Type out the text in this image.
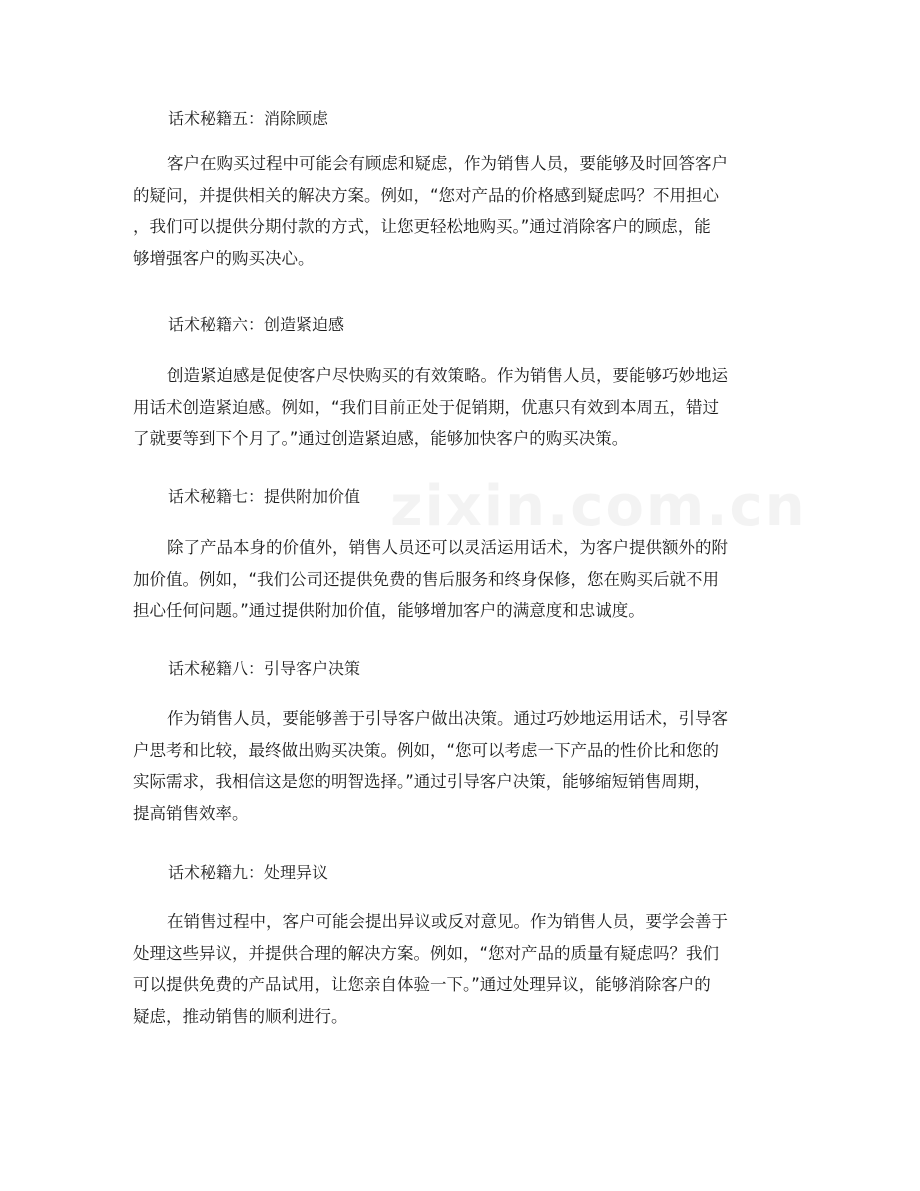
话术秘籍五：消除顾虑
客户在购买过程中可能会有顾虑和疑虑，作为销售人员，要能够及时回答客户
的疑问，并提供相关的解决方案。例如，“您对产品的价格感到疑虑吗？不用担心
，我们可以提供分期付款的方式，让您更轻松地购买。”通过消除客户的顾虑，能
够增强客户的购买决心。
话术秘籍六：创造紧迫感
创造紧迫感是促使客户尽快购买的有效策略。作为销售人员，要能够巧妙地运
用话术创造紧迫感。例如，“我们目前正处于促销期，优惠只有效到本周五，错过
了就要等到下个月了。”通过创造紧迫感，能够加快客户的购买决策。
话术秘籍七：提供附加价值
除了产品本身的价值外，销售人员还可以灵活运用话术，为客户提供额外的附
加价值。例如，“我们公司还提供免费的售后服务和终身保修，您在购买后就不用
担心任何问题。”通过提供附加价值，能够增加客户的满意度和忠诚度。
话术秘籍八：引导客户决策
作为销售人员，要能够善于引导客户做出决策。通过巧妙地运用话术，引导客
户思考和比较，最终做出购买决策。例如，“您可以考虑一下产品的性价比和您的
实际需求，我相信这是您的明智选择。”通过引导客户决策，能够缩短销售周期，
提高销售效率。
话术秘籍九：处理异议
在销售过程中，客户可能会提出异议或反对意见。作为销售人员，要学会善于
处理这些异议，并提供合理的解决方案。例如，“您对产品的质量有疑虑吗？我们
可以提供免费的产品试用，让您亲自体验一下。”通过处理异议，能够消除客户的
疑虑，推动销售的顺利进行。
